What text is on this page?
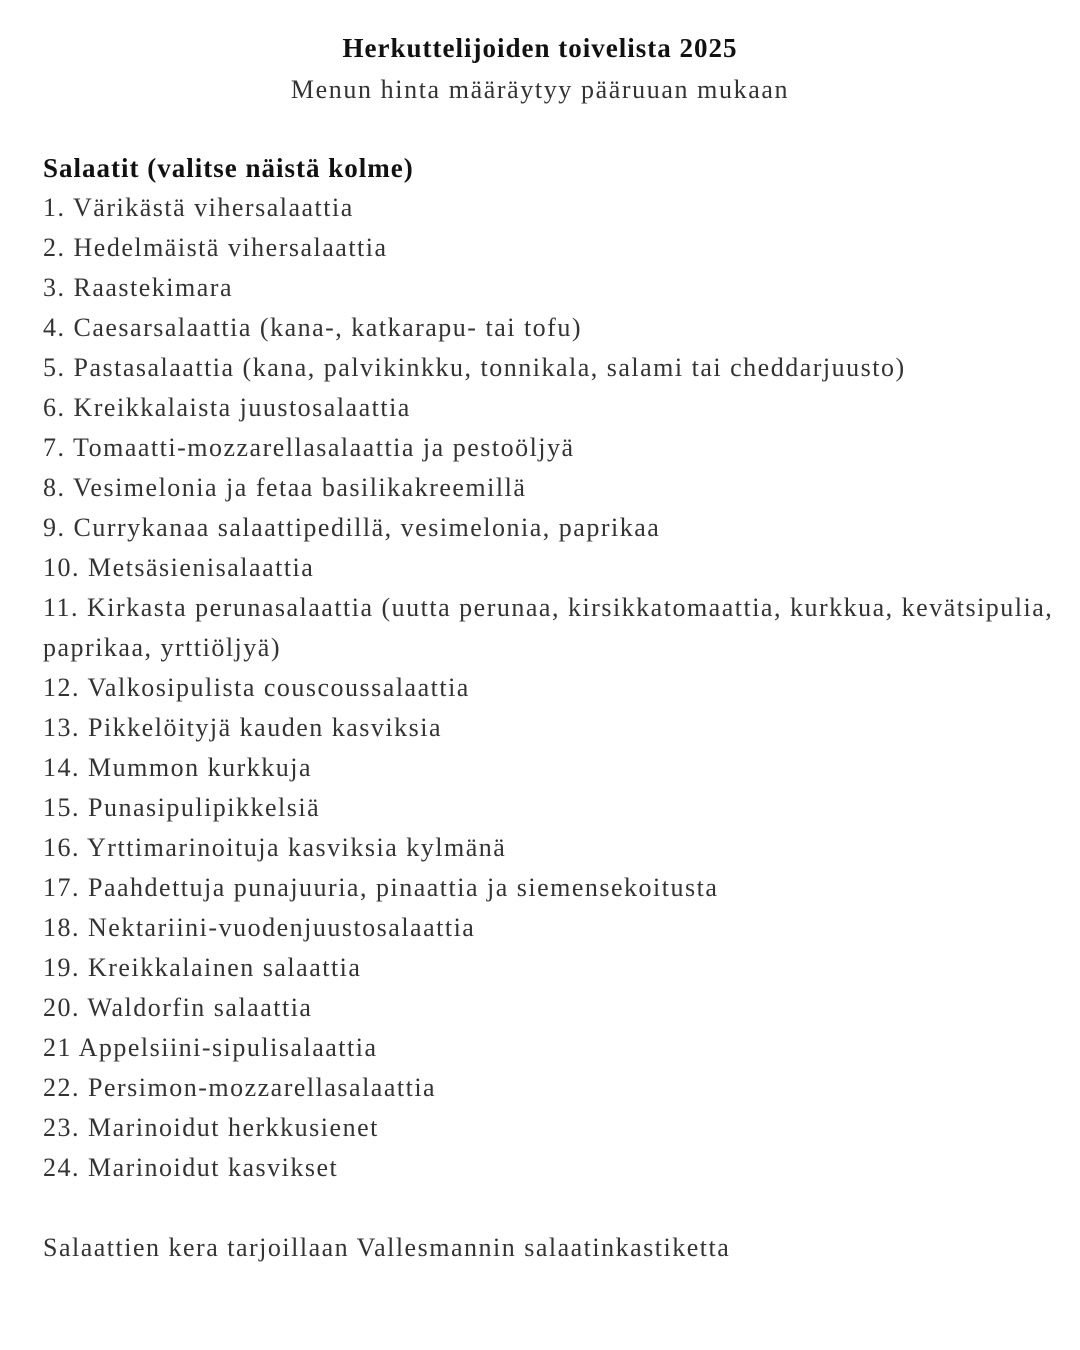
Herkuttelijoiden toivelista 2025
Menun hinta määräytyy pääruuan mukaan
Salaatit (valitse näistä kolme)
1. Värikästä vihersalaattia
2. Hedelmäistä vihersalaattia
3. Raastekimara
4. Caesarsalaattia (kana-, katkarapu- tai tofu)
5. Pastasalaattia (kana, palvikinkku, tonnikala, salami tai cheddarjuusto)
6. Kreikkalaista juustosalaattia
7. Tomaatti-mozzarellasalaattia ja pestoöljyä
8. Vesimelonia ja fetaa basilikakreemillä
9. Currykanaa salaattipedillä, vesimelonia, paprikaa
10. Metsäsienisalaattia
11. Kirkasta perunasalaattia (uutta perunaa, kirsikkatomaattia, kurkkua, kevätsipulia, paprikaa, yrttiöljyä)
12. Valkosipulista couscoussalaattia
13. Pikkelöityjä kauden kasviksia
14. Mummon kurkkuja
15. Punasipulipikkelsiä
16. Yrttimarinoituja kasviksia kylmänä
17. Paahdettuja punajuuria, pinaattia ja siemensekoitusta
18. Nektariini-vuodenjuustosalaattia
19. Kreikkalainen salaattia
20. Waldorfin salaattia
21 Appelsiini-sipulisalaattia
22. Persimon-mozzarellasalaattia
23. Marinoidut herkkusienet
24. Marinoidut kasvikset
Salaattien kera tarjoillaan Vallesmannin salaatinkastiketta
